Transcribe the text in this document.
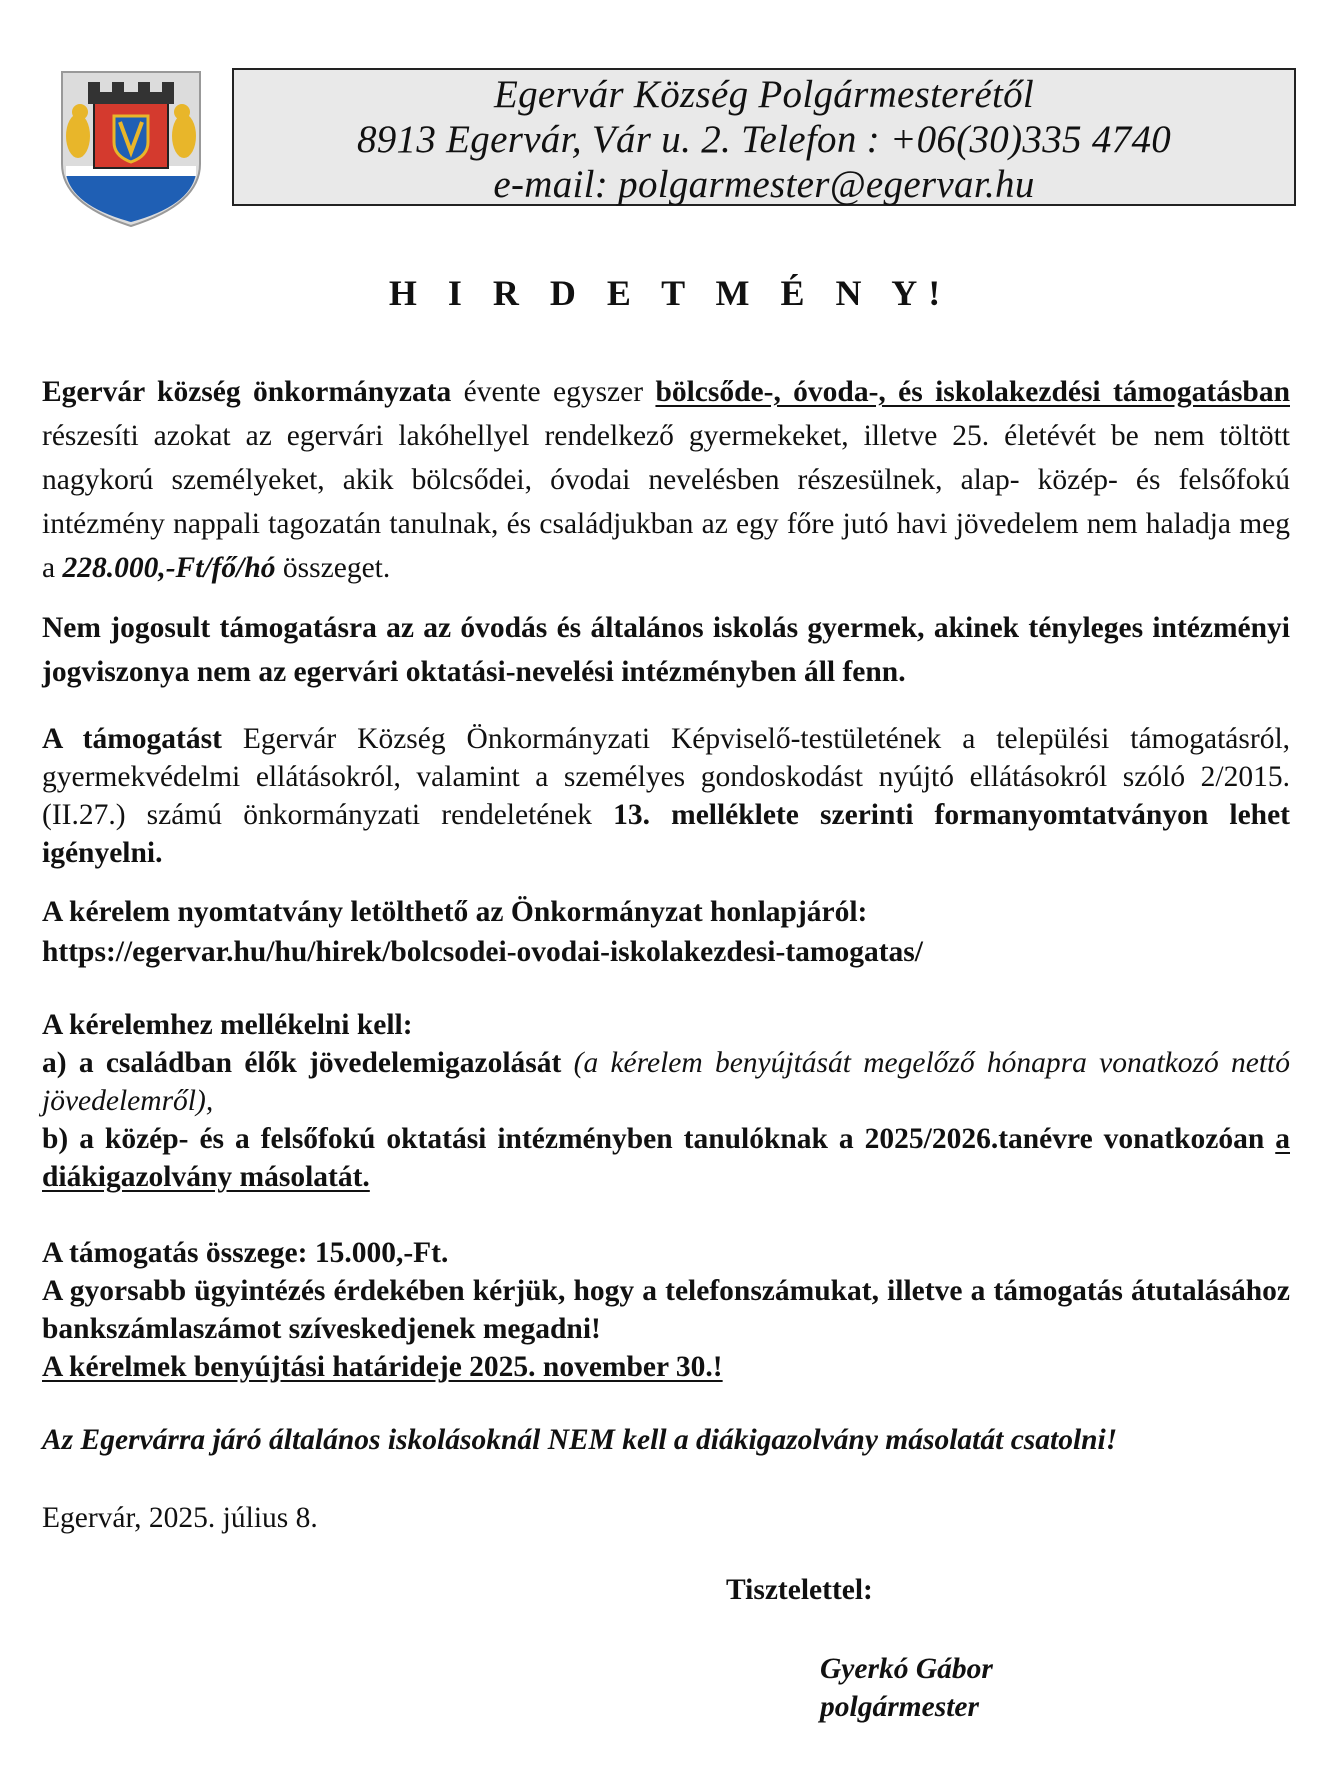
Egervár Község Polgármesterétől
8913 Egervár, Vár u. 2. Telefon : +06(30)335 4740
e-mail: polgarmester@egervar.hu
H I R D E T M É N Y!
Egervár község önkormányzata évente egyszer bölcsőde-, óvoda-, és iskolakezdési támogatásban részesíti azokat az egervári lakóhellyel rendelkező gyermekeket, illetve 25. életévét be nem töltött nagykorú személyeket, akik bölcsődei, óvodai nevelésben részesülnek, alap- közép- és felsőfokú intézmény nappali tagozatán tanulnak, és családjukban az egy főre jutó havi jövedelem nem haladja meg a 228.000,-Ft/fő/hó összeget.
Nem jogosult támogatásra az az óvodás és általános iskolás gyermek, akinek tényleges intézményi jogviszonya nem az egervári oktatási-nevelési intézményben áll fenn.
A támogatást Egervár Község Önkormányzati Képviselő-testületének a települési támogatásról, gyermekvédelmi ellátásokról, valamint a személyes gondoskodást nyújtó ellátásokról szóló 2/2015.(II.27.) számú önkormányzati rendeletének 13. melléklete szerinti formanyomtatványon lehet igényelni.
A kérelem nyomtatvány letölthető az Önkormányzat honlapjáról:
https://egervar.hu/hu/hirek/bolcsodei-ovodai-iskolakezdesi-tamogatas/
A kérelemhez mellékelni kell:
a) a családban élők jövedelemigazolását (a kérelem benyújtását megelőző hónapra vonatkozó nettó jövedelemről),
b) a közép- és a felsőfokú oktatási intézményben tanulóknak a 2025/2026.tanévre vonatkozóan a diákigazolvány másolatát.
A támogatás összege: 15.000,-Ft.
A gyorsabb ügyintézés érdekében kérjük, hogy a telefonszámukat, illetve a támogatás átutalásához bankszámlaszámot szíveskedjenek megadni!
A kérelmek benyújtási határideje 2025. november 30.!
Az Egervárra járó általános iskolásoknál NEM kell a diákigazolvány másolatát csatolni!
Egervár, 2025. július 8.
Tisztelettel:
Gyerkó Gábor
polgármester
